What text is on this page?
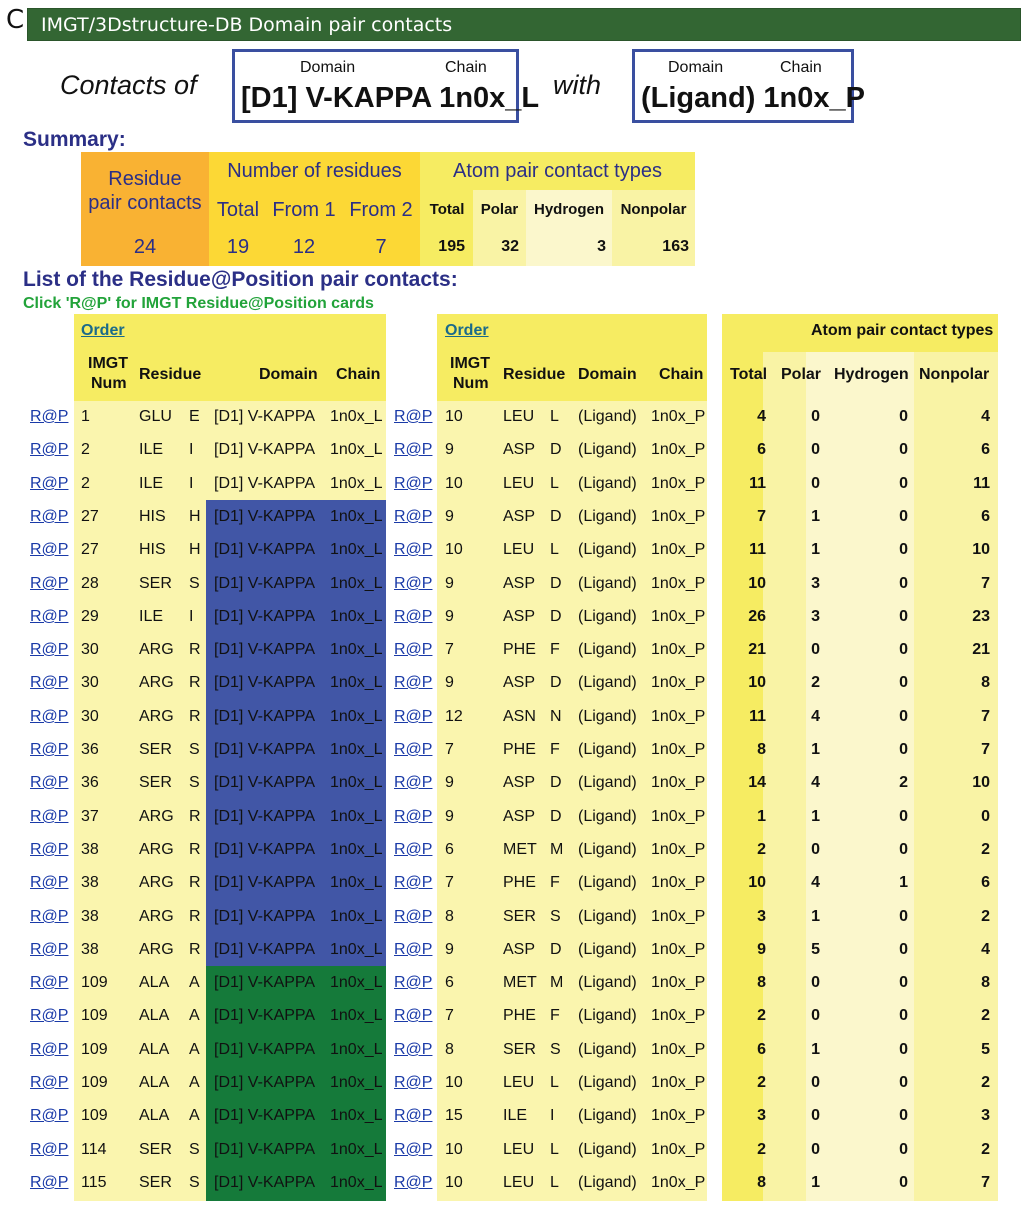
C IMGT/3Dstructure-DB Domain pair contacts
Contacts of
Domain	Chain
[D1] V-KAPPA 1n0x_L with
Domain	Chain
(Ligand) 1n0x_P
Summary:
Residue
pair contacts
24
Number of residues
Total From 1 From 2
19	12	7
Atom pair contact types
Total	Polar	Hydrogen	Nonpolar
195	32	3	163
List of the Residue@Position pair contacts:
Click 'R@P' for IMGT Residue@Position cards
Order
IMGT
Num
Residue	Domain Chain
Order
IMGT
Num
Residue Domain Chain
Atom pair contact types
Total Polar Hydrogen Nonpolar
R@P 1	GLU E [D1] V-KAPPA 1n0x_L R@P 10	LEU L (Ligand) 1n0x_P	4	0	0	4
R@P 2	ILE I [D1] V-KAPPA 1n0x_L R@P 9	ASP D (Ligand) 1n0x_P	6	0	0	6
R@P 2	ILE I [D1] V-KAPPA 1n0x_L R@P 10	LEU L (Ligand) 1n0x_P	11	0	0	11
R@P 27	HIS H [D1] V-KAPPA 1n0x_L R@P 9	ASP D (Ligand) 1n0x_P	7	1	0	6
R@P 27	HIS H [D1] V-KAPPA 1n0x_L R@P 10	LEU L (Ligand) 1n0x_P	11	1	0	10
R@P 28	SER S [D1] V-KAPPA 1n0x_L R@P 9	ASP D (Ligand) 1n0x_P	10	3	0	7
R@P 29	ILE I [D1] V-KAPPA 1n0x_L R@P 9	ASP D (Ligand) 1n0x_P	26	3	0	23
R@P 30	ARG R [D1] V-KAPPA 1n0x_L R@P 7	PHE F (Ligand) 1n0x_P	21	0	0	21
R@P 30	ARG R [D1] V-KAPPA 1n0x_L R@P 9	ASP D (Ligand) 1n0x_P	10	2	0	8
R@P 30	ARG R [D1] V-KAPPA 1n0x_L R@P 12	ASN N (Ligand) 1n0x_P	11	4	0	7
R@P 36	SER S [D1] V-KAPPA 1n0x_L R@P 7	PHE F (Ligand) 1n0x_P	8	1	0	7
R@P 36	SER S [D1] V-KAPPA 1n0x_L R@P 9	ASP D (Ligand) 1n0x_P	14	4	2	10
R@P 37	ARG R [D1] V-KAPPA 1n0x_L R@P 9	ASP D (Ligand) 1n0x_P	1	1	0	0
R@P 38	ARG R [D1] V-KAPPA 1n0x_L R@P 6	MET M (Ligand) 1n0x_P	2	0	0	2
R@P 38	ARG R [D1] V-KAPPA 1n0x_L R@P 7	PHE F (Ligand) 1n0x_P	10	4	1	6
R@P 38	ARG R [D1] V-KAPPA 1n0x_L R@P 8	SER S (Ligand) 1n0x_P	3	1	0	2
R@P 38	ARG R [D1] V-KAPPA 1n0x_L R@P 9	ASP D (Ligand) 1n0x_P	9	5	0	4
R@P 109 ALA A [D1] V-KAPPA 1n0x_L R@P 6	MET M (Ligand) 1n0x_P	8	0	0	8
R@P 109 ALA A [D1] V-KAPPA 1n0x_L R@P 7	PHE F (Ligand) 1n0x_P	2	0	0	2
R@P 109 ALA A [D1] V-KAPPA 1n0x_L R@P 8	SER S (Ligand) 1n0x_P	6	1	0	5
R@P 109 ALA A [D1] V-KAPPA 1n0x_L R@P 10	LEU L (Ligand) 1n0x_P	2	0	0	2
R@P 109 ALA A [D1] V-KAPPA 1n0x_L R@P 15	ILE I (Ligand) 1n0x_P	3	0	0	3
R@P 114 SER S [D1] V-KAPPA 1n0x_L R@P 10	LEU L (Ligand) 1n0x_P	2	0	0	2
R@P 115 SER S [D1] V-KAPPA 1n0x_L R@P 10	LEU L (Ligand) 1n0x_P	8	1	0	7
